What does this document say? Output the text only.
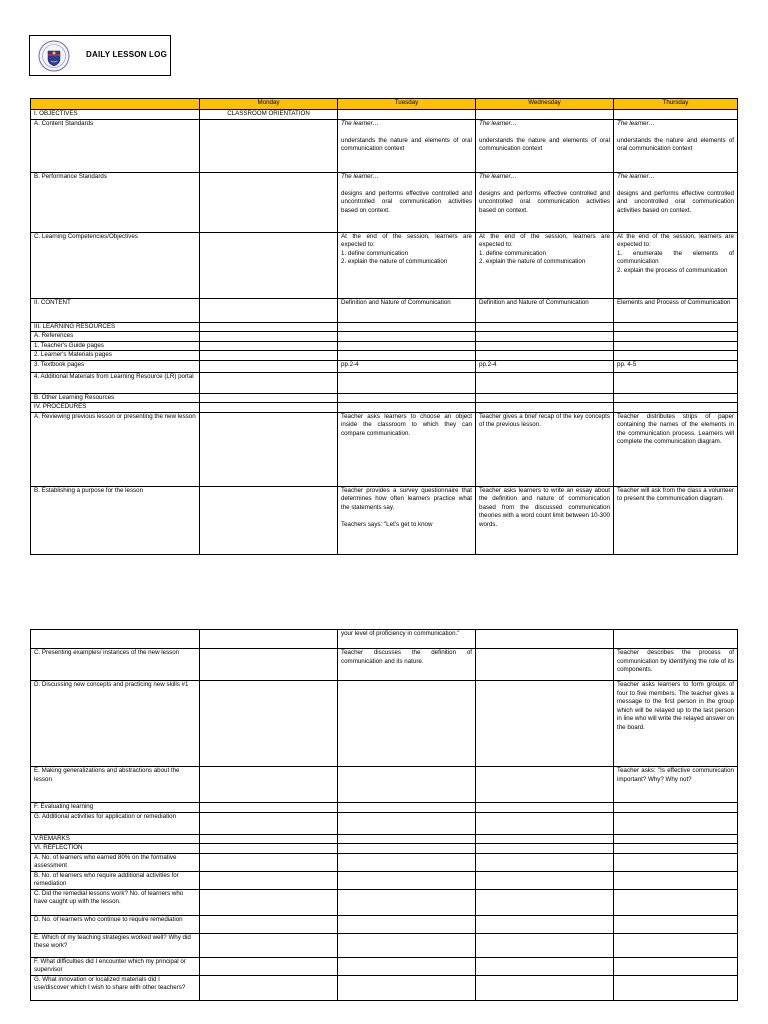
DAILY LESSON LOG
	Monday	Tuesday	Wednesday	Thursday
I. OBJECTIVES	CLASSROOM ORIENTATION			
A. Content Standards		The learner…

understands the nature and elements of oral communication context	The learner…

understands the nature and elements of oral communication context	The learner…

understands the nature and elements of oral communication context
B. Performance Standards		The learner…

designs and performs effective controlled and uncontrolled oral communication activities based on context.	The learner…

designs and performs effective controlled and uncontrolled oral communication activities based on context.	The learner…

designs and performs effective controlled and uncontrolled oral communication activities based on context.
C. Learning Competencies/Objectives		At the end of the session, learners are expected to:
1. define communication
2. explain the nature of communication	At the end of the session, learners are expected to:
1. define communication
2. explain the nature of communication	At the end of the session, learners are expected to:
1. enumerate the elements of communication
2. explain the process of communication
II. CONTENT		Definition and Nature of Communication	Definition and Nature of Communication	Elements and Process of Communication
III. LEARNING RESOURCES				
A. References				
1. Teacher's Guide pages				
2. Learner's Materials pages				
3. Textbook pages		pp.2-4	pp.2-4	pp. 4-5
4. Additional Materials from Learning Resource (LR) portal				
B. Other Learning Resources				
IV. PROCEDURES				
A. Reviewing previous lesson or presenting the new lesson		Teacher asks learners to choose an object inside the classroom to which they can compare communication.	Teacher gives a brief recap of the key concepts of the previous lesson.	Teacher distributes strips of paper containing the names of the elements in the communication process. Learners will complete the communication diagram.
B. Establishing a purpose for the lesson		Teacher provides a survey questionnaire that determines how often learners practice what the statements say.

Teachers says: "Let's get to know	Teacher asks learners to write an essay about the definition and nature of communication based from the discussed communication theories with a word count limit between 10-300 words.	Teacher will ask from the class a volunteer to present the communication diagram.
		your level of proficiency in communication."		
C. Presenting examples/ instances of the new lesson		Teacher discusses the definition of communication and its nature.		Teacher describes the process of communication by identifying the role of its components.
D. Discussing new concepts and practicing new skills #1				Teacher asks learners to form groups of four to five members. The teacher gives a message to the first person in the group which will be relayed up to the last person in line who will write the relayed answer on the board.
E. Making generalizations and abstractions about the lesson				Teacher asks: "Is effective communication important? Why? Why not?
F. Evaluating learning				
G. Additional activities for application or remediation				
V.REMARKS				
VI. REFLECTION				
A. No. of learners who earned 80% on the formative assessment				
B. No. of learners who require additional activities for remediation				
C. Did the remedial lessons work? No. of learners who have caught up with the lesson.				
D. No. of learners who continue to require remediation				
E. Which of my teaching strategies worked well? Why did these work?				
F. What difficulties did I encounter which my principal or supervisor				
G. What innovation or localized materials did I use/discover which I wish to share with other teachers?				
